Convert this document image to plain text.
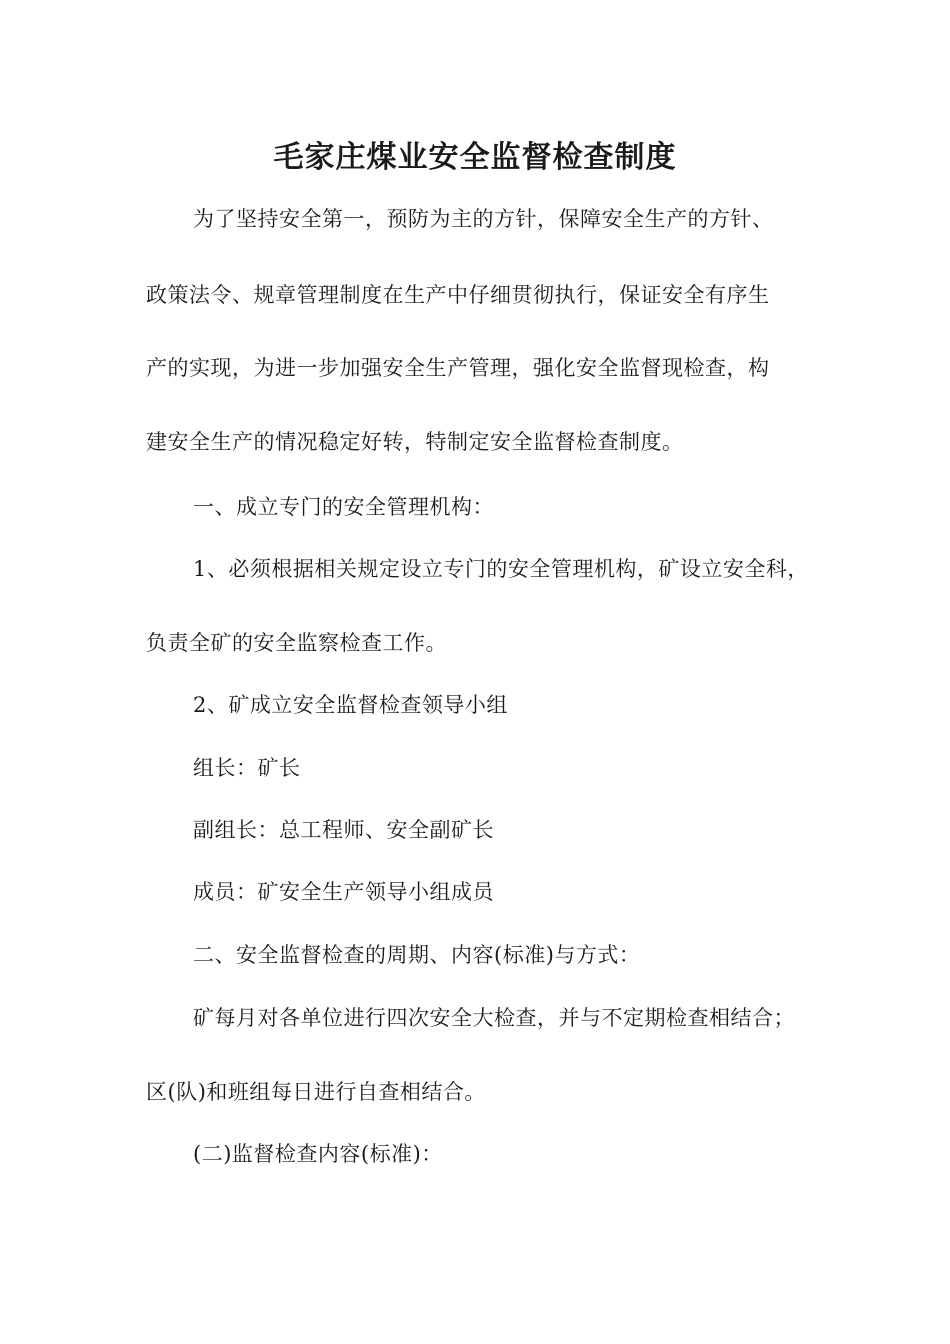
毛家庄煤业安全监督检查制度
为了坚持安全第一，预防为主的方针，保障安全生产的方针、
政策法令、规章管理制度在生产中仔细贯彻执行，保证安全有序生
产的实现，为进一步加强安全生产管理，强化安全监督现检查，构
建安全生产的情况稳定好转，特制定安全监督检查制度。
一、成立专门的安全管理机构：
1、必须根据相关规定设立专门的安全管理机构，矿设立安全科，
负责全矿的安全监察检查工作。
2、矿成立安全监督检查领导小组
组长：矿长
副组长：总工程师、安全副矿长
成员：矿安全生产领导小组成员
二、安全监督检查的周期、内容(标准)与方式：
矿每月对各单位进行四次安全大检查，并与不定期检查相结合；
区(队)和班组每日进行自查相结合。
(二)监督检查内容(标准)：
